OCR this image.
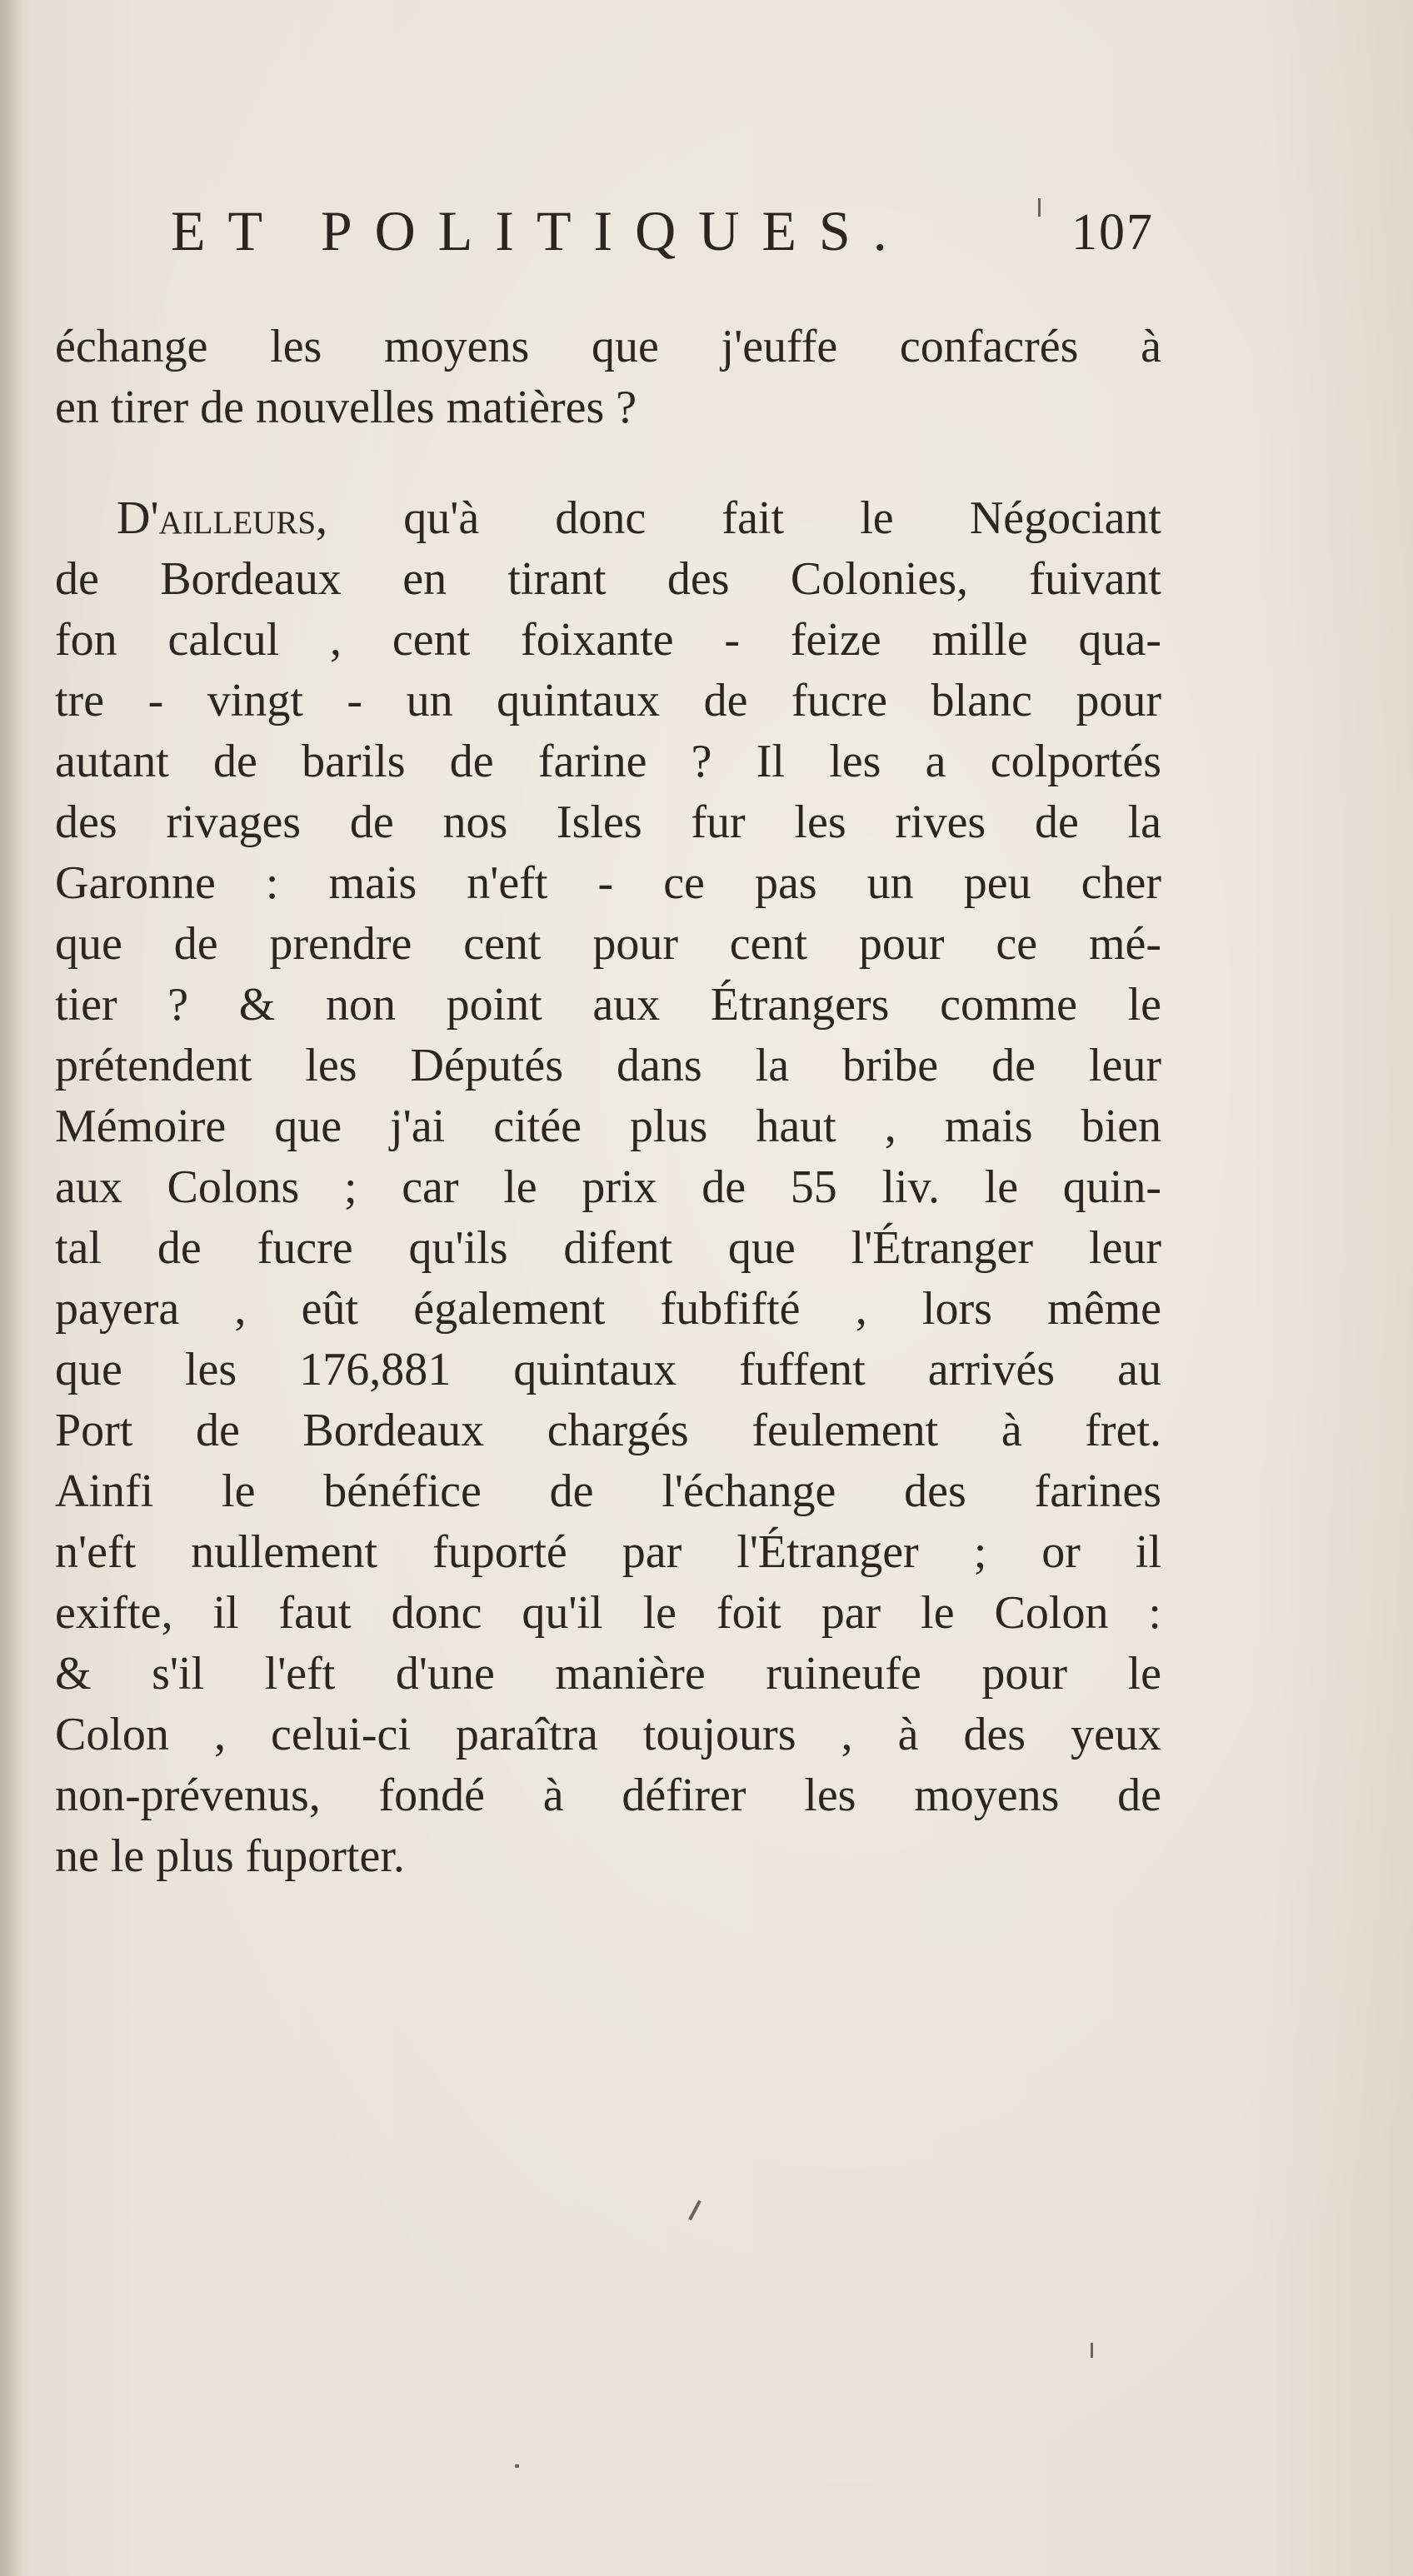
ET POLITIQUES.	107
échange les moyens que j'euffe confacrés à
en tirer de nouvelles matières ?
D'ailleurs, qu'à donc fait le Négociant
de Bordeaux en tirant des Colonies, fuivant
fon calcul , cent foixante - feize mille qua-
tre - vingt - un quintaux de fucre blanc pour
autant de barils de farine ? Il les a colportés
des rivages de nos Isles fur les rives de la
Garonne : mais n'eft - ce pas un peu cher
que de prendre cent pour cent pour ce mé-
tier ? & non point aux Étrangers comme le
prétendent les Députés dans la bribe de leur
Mémoire que j'ai citée plus haut , mais bien
aux Colons ; car le prix de 55 liv. le quin-
tal de fucre qu'ils difent que l'Étranger leur
payera , eût également fubfifté , lors même
que les 176,881 quintaux fuffent arrivés au
Port de Bordeaux chargés feulement à fret.
Ainfi le bénéfice de l'échange des farines
n'eft nullement fuporté par l'Étranger ; or il
exifte, il faut donc qu'il le foit par le Colon :
& s'il l'eft d'une manière ruineufe pour le
Colon , celui-ci paraîtra toujours , à des yeux
non-prévenus, fondé à défirer les moyens de
ne le plus fuporter.
